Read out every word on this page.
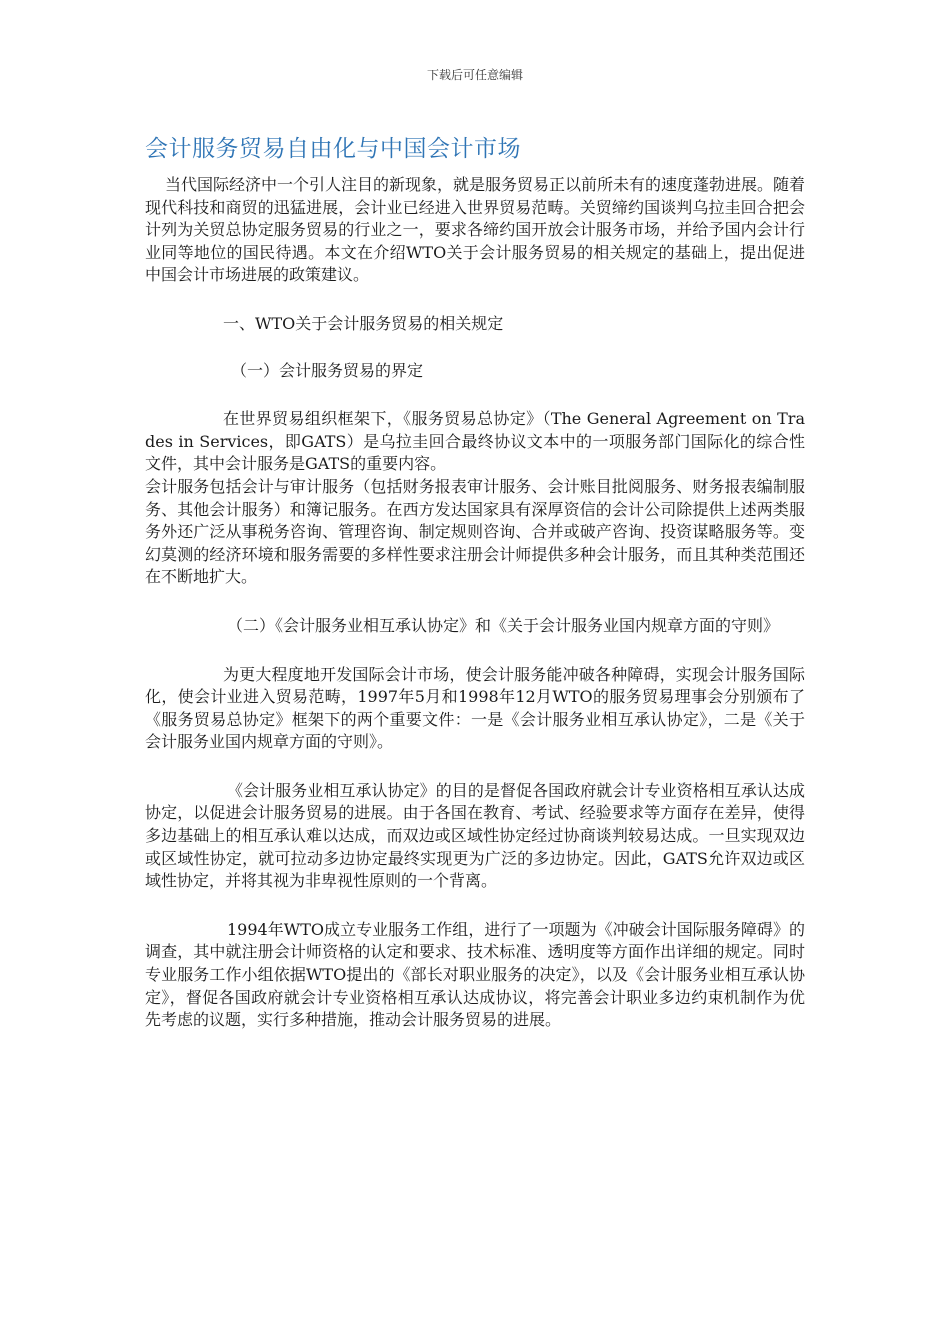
下载后可任意编辑
会计服务贸易自由化与中国会计市场

当代国际经济中一个引人注目的新现象，就是服务贸易正以前所未有的速度蓬勃进展。随着现代科技和商贸的迅猛进展，会计业已经进入世界贸易范畴。关贸缔约国谈判乌拉圭回合把会计列为关贸总协定服务贸易的行业之一，要求各缔约国开放会计服务市场，并给予国内会计行业同等地位的国民待遇。本文在介绍WTO关于会计服务贸易的相关规定的基础上，提出促进中国会计市场进展的政策建议。

一、WTO关于会计服务贸易的相关规定

（一）会计服务贸易的界定

在世界贸易组织框架下，《服务贸易总协定》（The General Agreement on Trades in Services，即GATS）是乌拉圭回合最终协议文本中的一项服务部门国际化的综合性文件，其中会计服务是GATS的重要内容。

会计服务包括会计与审计服务（包括财务报表审计服务、会计账目批阅服务、财务报表编制服务、其他会计服务）和簿记服务。在西方发达国家具有深厚资信的会计公司除提供上述两类服务外还广泛从事税务咨询、管理咨询、制定规则咨询、合并或破产咨询、投资谋略服务等。变幻莫测的经济环境和服务需要的多样性要求注册会计师提供多种会计服务，而且其种类范围还在不断地扩大。

（二）《会计服务业相互承认协定》和《关于会计服务业国内规章方面的守则》

为更大程度地开发国际会计市场，使会计服务能冲破各种障碍，实现会计服务国际化，使会计业进入贸易范畴，1997年5月和1998年12月WTO的服务贸易理事会分别颁布了《服务贸易总协定》框架下的两个重要文件：一是《会计服务业相互承认协定》，二是《关于会计服务业国内规章方面的守则》。

《会计服务业相互承认协定》的目的是督促各国政府就会计专业资格相互承认达成协定，以促进会计服务贸易的进展。由于各国在教育、考试、经验要求等方面存在差异，使得多边基础上的相互承认难以达成，而双边或区域性协定经过协商谈判较易达成。一旦实现双边或区域性协定，就可拉动多边协定最终实现更为广泛的多边协定。因此，GATS允许双边或区域性协定，并将其视为非卑视性原则的一个背离。

1994年WTO成立专业服务工作组，进行了一项题为《冲破会计国际服务障碍》的调查，其中就注册会计师资格的认定和要求、技术标准、透明度等方面作出详细的规定。同时专业服务工作小组依据WTO提出的《部长对职业服务的决定》，以及《会计服务业相互承认协定》，督促各国政府就会计专业资格相互承认达成协议，将完善会计职业多边约束机制作为优先考虑的议题，实行多种措施，推动会计服务贸易的进展。
